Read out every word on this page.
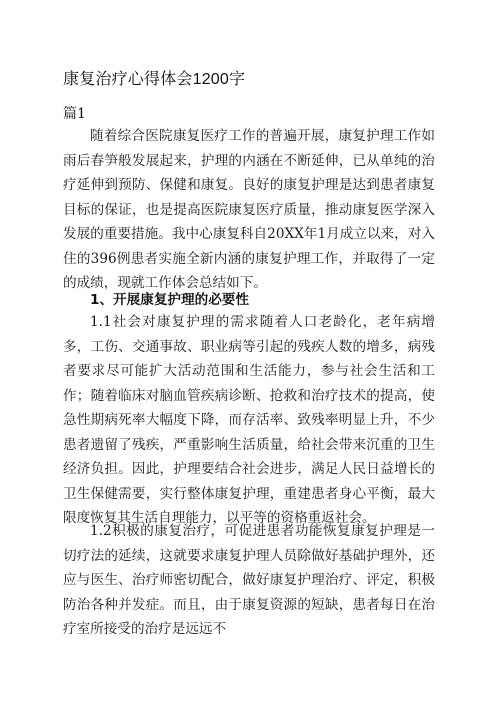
康复治疗心得体会1200字
篇1

随着综合医院康复医疗工作的普遍开展，康复护理工作如雨后春笋般发展起来，护理的内涵在不断延伸，已从单纯的治疗延伸到预防、保健和康复。良好的康复护理是达到患者康复目标的保证，也是提高医院康复医疗质量，推动康复医学深入发展的重要措施。我中心康复科自20XX年1月成立以来，对入住的396例患者实施全新内涵的康复护理工作，并取得了一定的成绩，现就工作体会总结如下。

1、开展康复护理的必要性

1.1社会对康复护理的需求随着人口老龄化，老年病增多，工伤、交通事故、职业病等引起的残疾人数的增多，病残者要求尽可能扩大活动范围和生活能力，参与社会生活和工作；随着临床对脑血管疾病诊断、抢救和治疗技术的提高，使急性期病死率大幅度下降，而存活率、致残率明显上升，不少患者遗留了残疾，严重影响生活质量，给社会带来沉重的卫生经济负担。因此，护理要结合社会进步，满足人民日益增长的卫生保健需要，实行整体康复护理，重建患者身心平衡，最大限度恢复其生活自理能力，以平等的资格重返社会。

1.2积极的康复治疗，可促进患者功能恢复康复护理是一切疗法的延续，这就要求康复护理人员除做好基础护理外，还应与医生、治疗师密切配合，做好康复护理治疗、评定，积极防治各种并发症。而且，由于康复资源的短缺，患者每日在治疗室所接受的治疗是远远不
